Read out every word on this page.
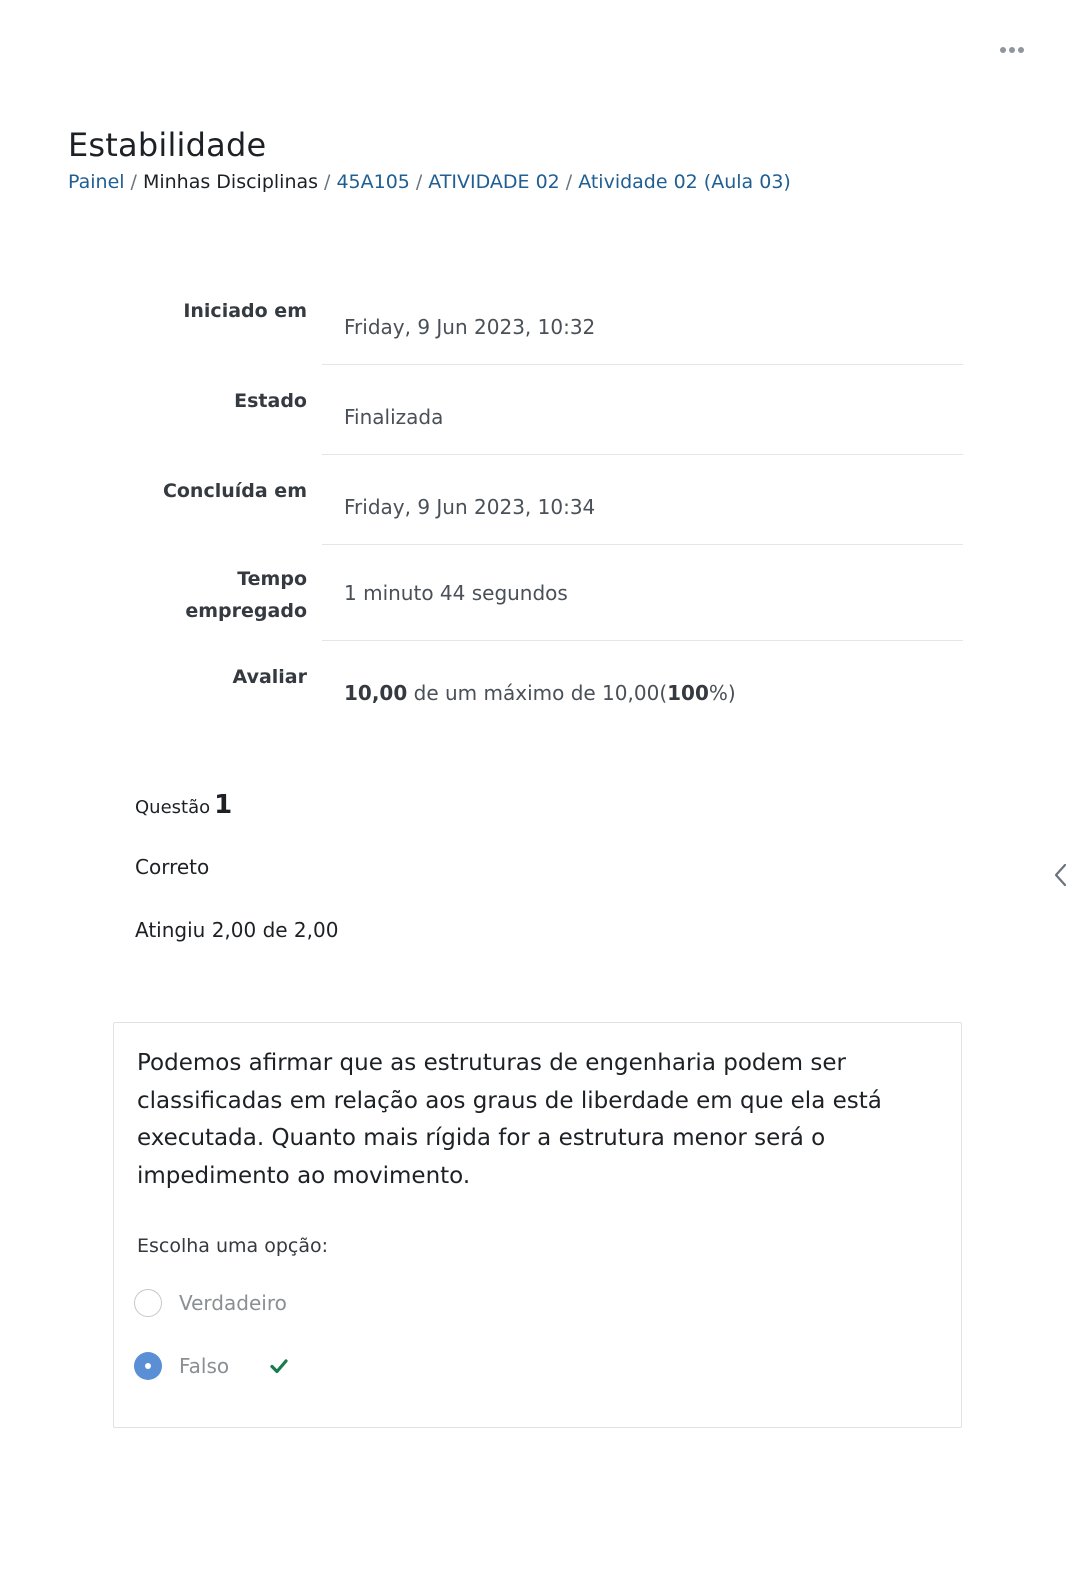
Estabilidade
Painel / Minhas Disciplinas / 45A105 / ATIVIDADE 02 / Atividade 02 (Aula 03)
Iniciado em
Friday, 9 Jun 2023, 10:32
Estado
Finalizada
Concluída em
Friday, 9 Jun 2023, 10:34
Tempo
empregado
1 minuto 44 segundos
Avaliar
10,00 de um máximo de 10,00(100%)
Questão 1
Correto
Atingiu 2,00 de 2,00

Podemos afirmar que as estruturas de engenharia podem ser classificadas em relação aos graus de liberdade em que ela está executada. Quanto mais rígida for a estrutura menor será o impedimento ao movimento.

Escolha uma opção:
Verdadeiro
Falso
